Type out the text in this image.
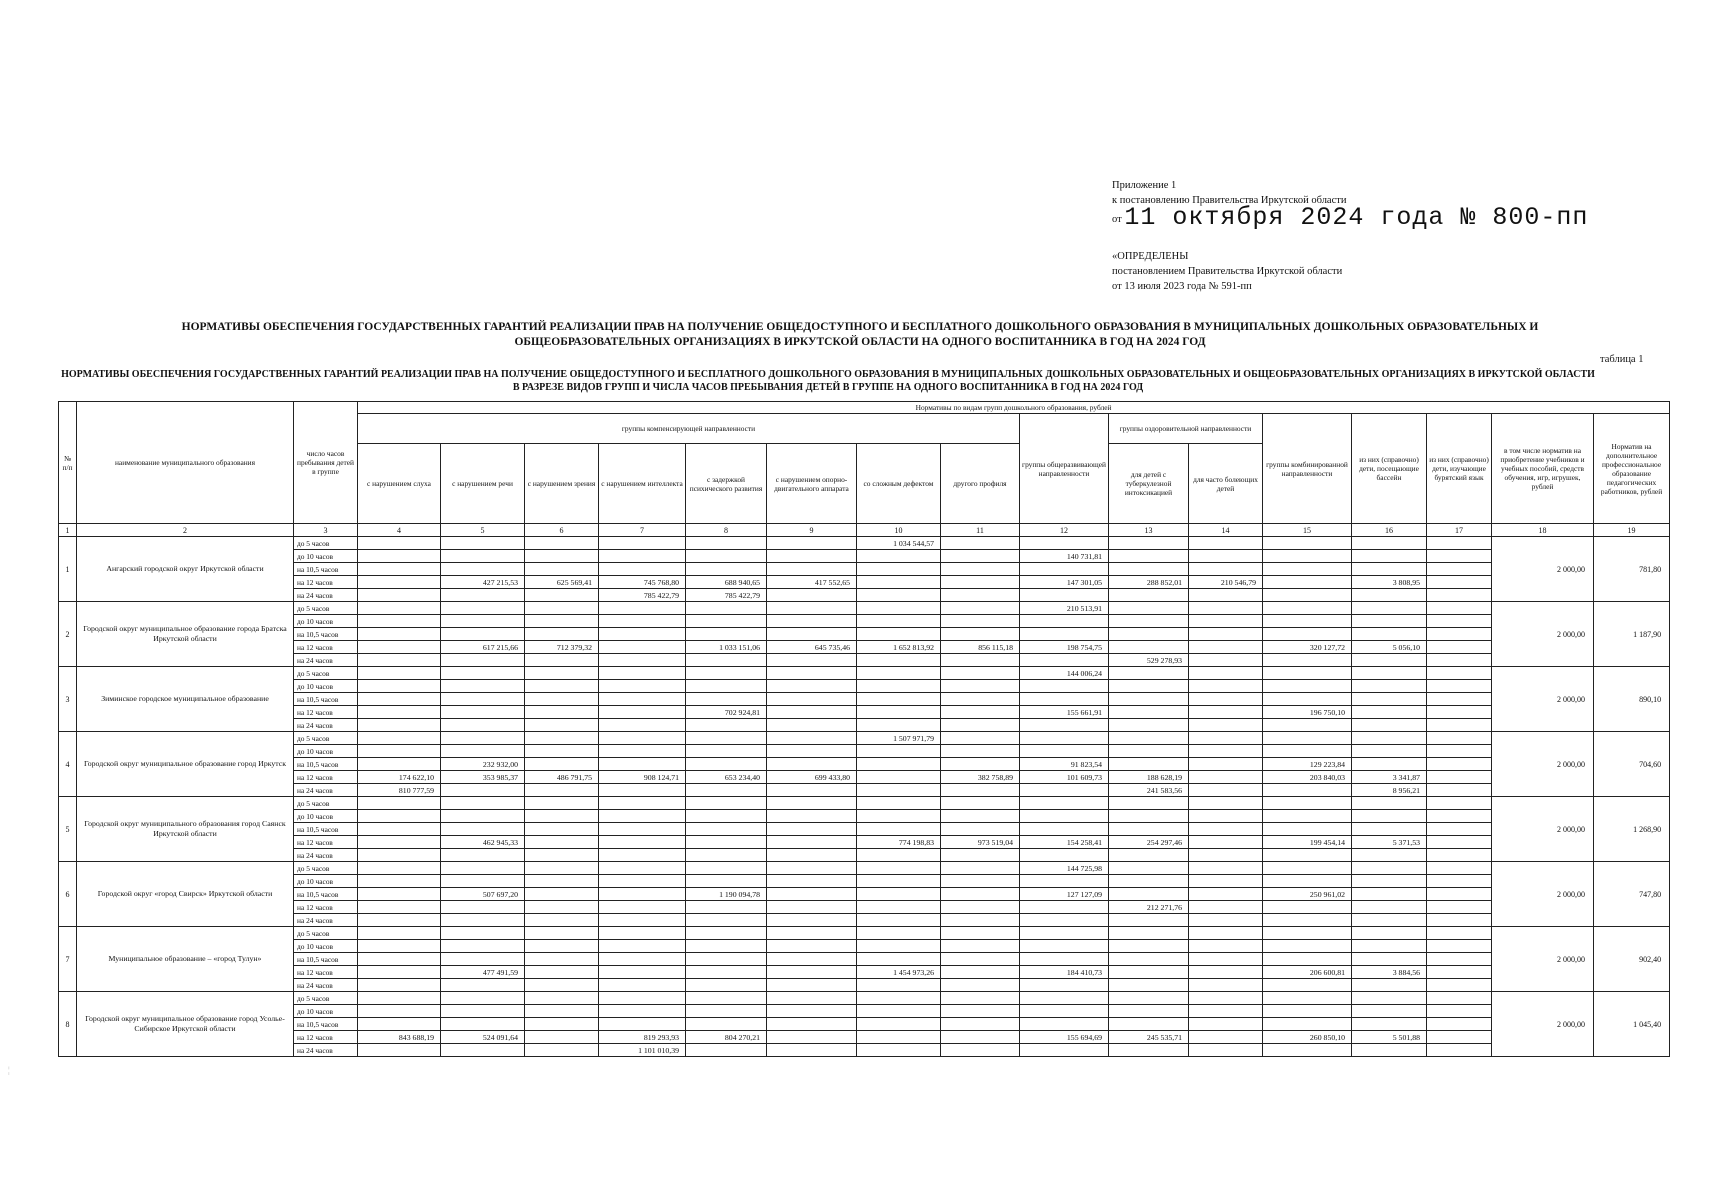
Приложение 1
к постановлению Правительства Иркутской области
от 11 октября 2024 года № 800-пп
«ОПРЕДЕЛЕНЫ
постановлением Правительства Иркутской области
от 13 июля 2023 года № 591-пп
НОРМАТИВЫ ОБЕСПЕЧЕНИЯ ГОСУДАРСТВЕННЫХ ГАРАНТИЙ РЕАЛИЗАЦИИ ПРАВ НА ПОЛУЧЕНИЕ ОБЩЕДОСТУПНОГО И БЕСПЛАТНОГО ДОШКОЛЬНОГО ОБРАЗОВАНИЯ В МУНИЦИПАЛЬНЫХ ДОШКОЛЬНЫХ ОБРАЗОВАТЕЛЬНЫХ И ОБЩЕОБРАЗОВАТЕЛЬНЫХ ОРГАНИЗАЦИЯХ В ИРКУТСКОЙ ОБЛАСТИ НА ОДНОГО ВОСПИТАННИКА В ГОД НА 2024 ГОД
таблица 1
НОРМАТИВЫ ОБЕСПЕЧЕНИЯ ГОСУДАРСТВЕННЫХ ГАРАНТИЙ РЕАЛИЗАЦИИ ПРАВ НА ПОЛУЧЕНИЕ ОБЩЕДОСТУПНОГО И БЕСПЛАТНОГО ДОШКОЛЬНОГО ОБРАЗОВАНИЯ В МУНИЦИПАЛЬНЫХ ДОШКОЛЬНЫХ ОБРАЗОВАТЕЛЬНЫХ И ОБЩЕОБРАЗОВАТЕЛЬНЫХ ОРГАНИЗАЦИЯХ В ИРКУТСКОЙ ОБЛАСТИ В РАЗРЕЗЕ ВИДОВ ГРУПП И ЧИСЛА ЧАСОВ ПРЕБЫВАНИЯ ДЕТЕЙ В ГРУППЕ НА ОДНОГО ВОСПИТАННИКА В ГОД НА 2024 ГОД
№ п/п	наименование муниципального образования	число часов пребывания детей в группе	Нормативы по видам групп дошкольного образования, рублей															
			группы компенсирующей направленности								группы общеразвивающей направленности	группы оздоровительной направленности		группы комбинированной направленности	из них (справочно) дети, посещающие бассейн	из них (справочно) дети, изучающие бурятский язык	в том числе норматив на приобретение учебников и учебных пособий, средств обучения, игр, игрушек, рублей	Норматив на дополнительное профессиональное образование педагогических работников, рублей
			с нарушением слуха	с нарушением речи	с нарушением зрения	с нарушением интеллекта	с задержкой психического развития	с нарушением опорно-двигательного аппарата	со сложным дефектом	другого профиля		для детей с туберкулезной интоксикацией	для часто болеющих детей					
1	2	3	4	5	6	7	8	9	10	11	12	13	14	15	16	17	18	19
1	Ангарский городской округ Иркутской области	до 5 часов							1 034 544,57								2 000,00	781,80
		до 10 часов									140 731,81							
		на 10,5 часов																
		на 12 часов		427 215,53	625 569,41	745 768,80	688 940,65	417 552,65			147 301,05	288 852,01	210 546,79		3 808,95			
		на 24 часов				785 422,79	785 422,79											
2	Городской округ муниципальное образование города Братска Иркутской области	до 5 часов									210 513,91						2 000,00	1 187,90
		до 10 часов																
		на 10,5 часов																
		на 12 часов		617 215,66	712 379,32		1 033 151,06	645 735,46	1 652 813,92	856 115,18	198 754,75			320 127,72	5 056,10			
		на 24 часов										529 278,93						
3	Зиминское городское муниципальное образование	до 5 часов									144 006,24						2 000,00	890,10
		до 10 часов																
		на 10,5 часов																
		на 12 часов					702 924,81				155 661,91			196 750,10				
		на 24 часов																
4	Городской округ муниципальное образование город Иркутск	до 5 часов							1 507 971,79								2 000,00	704,60
		до 10 часов																
		на 10,5 часов		232 932,00							91 823,54			129 223,84				
		на 12 часов	174 622,10	353 985,37	486 791,75	908 124,71	653 234,40	699 433,80		382 758,89	101 609,73	188 628,19		203 840,03	3 341,87			
		на 24 часов	810 777,59									241 583,56			8 956,21			
5	Городской округ муниципального образования город Саянск Иркутской области	до 5 часов															2 000,00	1 268,90
		до 10 часов																
		на 10,5 часов																
		на 12 часов		462 945,33					774 198,83	973 519,04	154 258,41	254 297,46		199 454,14	5 371,53			
		на 24 часов																
6	Городской округ «город Свирск» Иркутской области	до 5 часов									144 725,98						2 000,00	747,80
		до 10 часов																
		на 10,5 часов		507 697,20			1 190 094,78				127 127,09			250 961,02				
		на 12 часов										212 271,76						
		на 24 часов																
7	Муниципальное образование – «город Тулун»	до 5 часов															2 000,00	902,40
		до 10 часов																
		на 10,5 часов																
		на 12 часов		477 491,59					1 454 973,26		184 410,73			206 600,81	3 884,56			
		на 24 часов																
8	Городской округ муниципальное образование город Усолье-Сибирское Иркутской области	до 5 часов															2 000,00	1 045,40
		до 10 часов																
		на 10,5 часов																
		на 12 часов	843 688,19	524 091,64		819 293,93	804 270,21				155 694,69	245 535,71		260 850,10	5 501,88			
		на 24 часов				1 101 010,39												
¦
